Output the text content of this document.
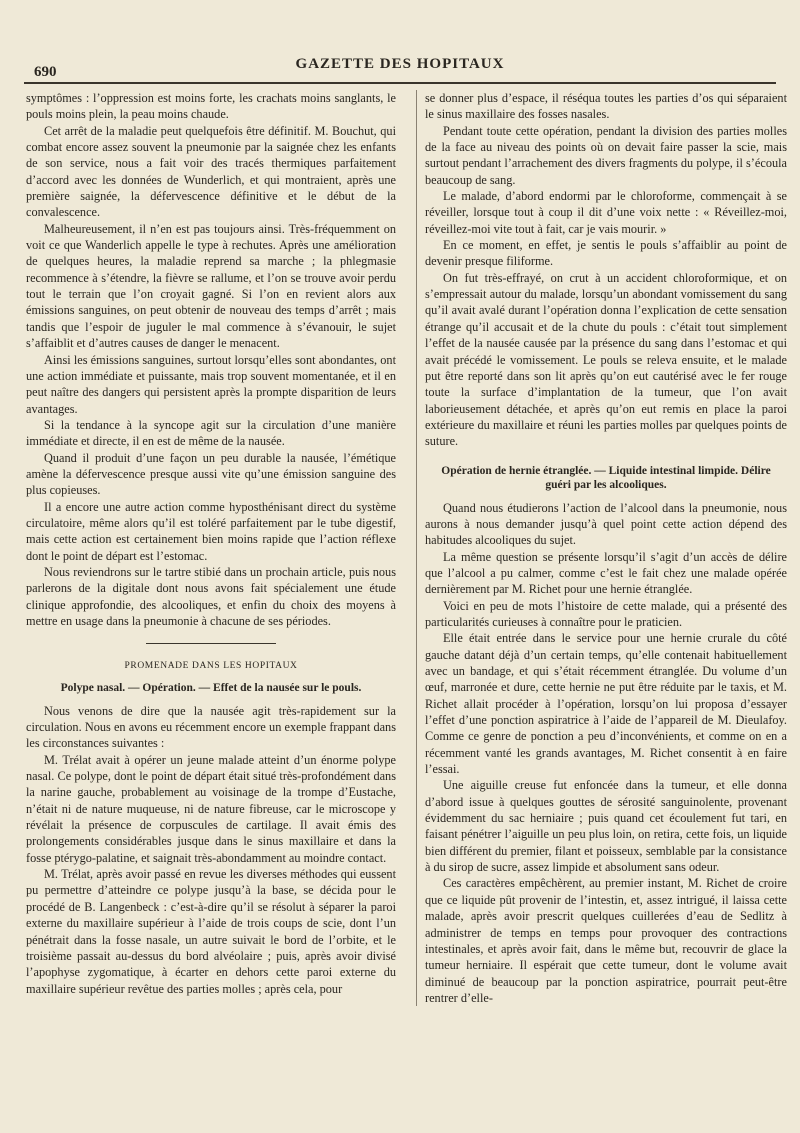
690	GAZETTE DES HOPITAUX

symptômes : l’oppression est moins forte, les crachats moins sanglants, le pouls moins plein, la peau moins chaude.

Cet arrêt de la maladie peut quelquefois être définitif. M. Bouchut, qui combat encore assez souvent la pneumonie par la saignée chez les enfants de son service, nous a fait voir des tracés thermiques parfaitement d’accord avec les données de Wunderlich, et qui montraient, après une première saignée, la défervescence définitive et le début de la convalescence.

Malheureusement, il n’en est pas toujours ainsi. Très-fréquemment on voit ce que Wanderlich appelle le type à rechutes. Après une amélioration de quelques heures, la maladie reprend sa marche ; la phlegmasie recommence à s’étendre, la fièvre se rallume, et l’on se trouve avoir perdu tout le terrain que l’on croyait gagné. Si l’on en revient alors aux émissions sanguines, on peut obtenir de nouveau des temps d’arrêt ; mais tandis que l’espoir de juguler le mal commence à s’évanouir, le sujet s’affaiblit et d’autres causes de danger le menacent.

Ainsi les émissions sanguines, surtout lorsqu’elles sont abondantes, ont une action immédiate et puissante, mais trop souvent momentanée, et il en peut naître des dangers qui persistent après la prompte disparition de leurs avantages.

Si la tendance à la syncope agit sur la circulation d’une manière immédiate et directe, il en est de même de la nausée.

Quand il produit d’une façon un peu durable la nausée, l’émétique amène la défervescence presque aussi vite qu’une émission sanguine des plus copieuses.

Il a encore une autre action comme hyposthénisant direct du système circulatoire, même alors qu’il est toléré parfaitement par le tube digestif, mais cette action est certainement bien moins rapide que l’action réflexe dont le point de départ est l’estomac.

Nous reviendrons sur le tartre stibié dans un prochain article, puis nous parlerons de la digitale dont nous avons fait spécialement une étude clinique approfondie, des alcooliques, et enfin du choix des moyens à mettre en usage dans la pneumonie à chacune de ses périodes.

PROMENADE DANS LES HOPITAUX
Polype nasal. — Opération. — Effet de la nausée sur le pouls.

Nous venons de dire que la nausée agit très-rapidement sur la circulation. Nous en avons eu récemment encore un exemple frappant dans les circonstances suivantes :

M. Trélat avait à opérer un jeune malade atteint d’un énorme polype nasal. Ce polype, dont le point de départ était situé très-profondément dans la narine gauche, probablement au voisinage de la trompe d’Eustache, n’était ni de nature muqueuse, ni de nature fibreuse, car le microscope y révélait la présence de corpuscules de cartilage. Il avait émis des prolongements considérables jusque dans le sinus maxillaire et dans la fosse ptérygo-palatine, et saignait très-abondamment au moindre contact.

M. Trélat, après avoir passé en revue les diverses méthodes qui eussent pu permettre d’atteindre ce polype jusqu’à la base, se décida pour le procédé de B. Langenbeck : c’est-à-dire qu’il se résolut à séparer la paroi externe du maxillaire supérieur à l’aide de trois coups de scie, dont l’un pénétrait dans la fosse nasale, un autre suivait le bord de l’orbite, et le troisième passait au-dessus du bord alvéolaire ; puis, après avoir divisé l’apophyse zygomatique, à écarter en dehors cette paroi externe du maxillaire supérieur revêtue des parties molles ; après cela, pour

se donner plus d’espace, il réséqua toutes les parties d’os qui séparaient le sinus maxillaire des fosses nasales.

Pendant toute cette opération, pendant la division des parties molles de la face au niveau des points où on devait faire passer la scie, mais surtout pendant l’arrachement des divers fragments du polype, il s’écoula beaucoup de sang.

Le malade, d’abord endormi par le chloroforme, commençait à se réveiller, lorsque tout à coup il dit d’une voix nette : « Réveillez-moi, réveillez-moi vite tout à fait, car je vais mourir. »

En ce moment, en effet, je sentis le pouls s’affaiblir au point de devenir presque filiforme.

On fut très-effrayé, on crut à un accident chloroformique, et on s’empressait autour du malade, lorsqu’un abondant vomissement du sang qu’il avait avalé durant l’opération donna l’explication de cette sensation étrange qu’il accusait et de la chute du pouls : c’était tout simplement l’effet de la nausée causée par la présence du sang dans l’estomac et qui avait précédé le vomissement. Le pouls se releva ensuite, et le malade put être reporté dans son lit après qu’on eut cautérisé avec le fer rouge toute la surface d’implantation de la tumeur, que l’on avait laborieusement détachée, et après qu’on eut remis en place la paroi extérieure du maxillaire et réuni les parties molles par quelques points de suture.

Opération de hernie étranglée. — Liquide intestinal limpide. Délire guéri par les alcooliques.

Quand nous étudierons l’action de l’alcool dans la pneumonie, nous aurons à nous demander jusqu’à quel point cette action dépend des habitudes alcooliques du sujet.

La même question se présente lorsqu’il s’agit d’un accès de délire que l’alcool a pu calmer, comme c’est le fait chez une malade opérée dernièrement par M. Richet pour une hernie étranglée.

Voici en peu de mots l’histoire de cette malade, qui a présenté des particularités curieuses à connaître pour le praticien.

Elle était entrée dans le service pour une hernie crurale du côté gauche datant déjà d’un certain temps, qu’elle contenait habituellement avec un bandage, et qui s’était récemment étranglée. Du volume d’un œuf, marronée et dure, cette hernie ne put être réduite par le taxis, et M. Richet allait procéder à l’opération, lorsqu’on lui proposa d’essayer l’effet d’une ponction aspiratrice à l’aide de l’appareil de M. Dieulafoy. Comme ce genre de ponction a peu d’inconvénients, et comme on en a récemment vanté les grands avantages, M. Richet consentit à en faire l’essai.

Une aiguille creuse fut enfoncée dans la tumeur, et elle donna d’abord issue à quelques gouttes de sérosité sanguinolente, provenant évidemment du sac herniaire ; puis quand cet écoulement fut tari, en faisant pénétrer l’aiguille un peu plus loin, on retira, cette fois, un liquide bien différent du premier, filant et poisseux, semblable par la consistance à du sirop de sucre, assez limpide et absolument sans odeur.

Ces caractères empêchèrent, au premier instant, M. Richet de croire que ce liquide pût provenir de l’intestin, et, assez intrigué, il laissa cette malade, après avoir prescrit quelques cuillerées d’eau de Sedlitz à administrer de temps en temps pour provoquer des contractions intestinales, et après avoir fait, dans le même but, recouvrir de glace la tumeur herniaire. Il espérait que cette tumeur, dont le volume avait diminué de beaucoup par la ponction aspiratrice, pourrait peut-être rentrer d’elle-
